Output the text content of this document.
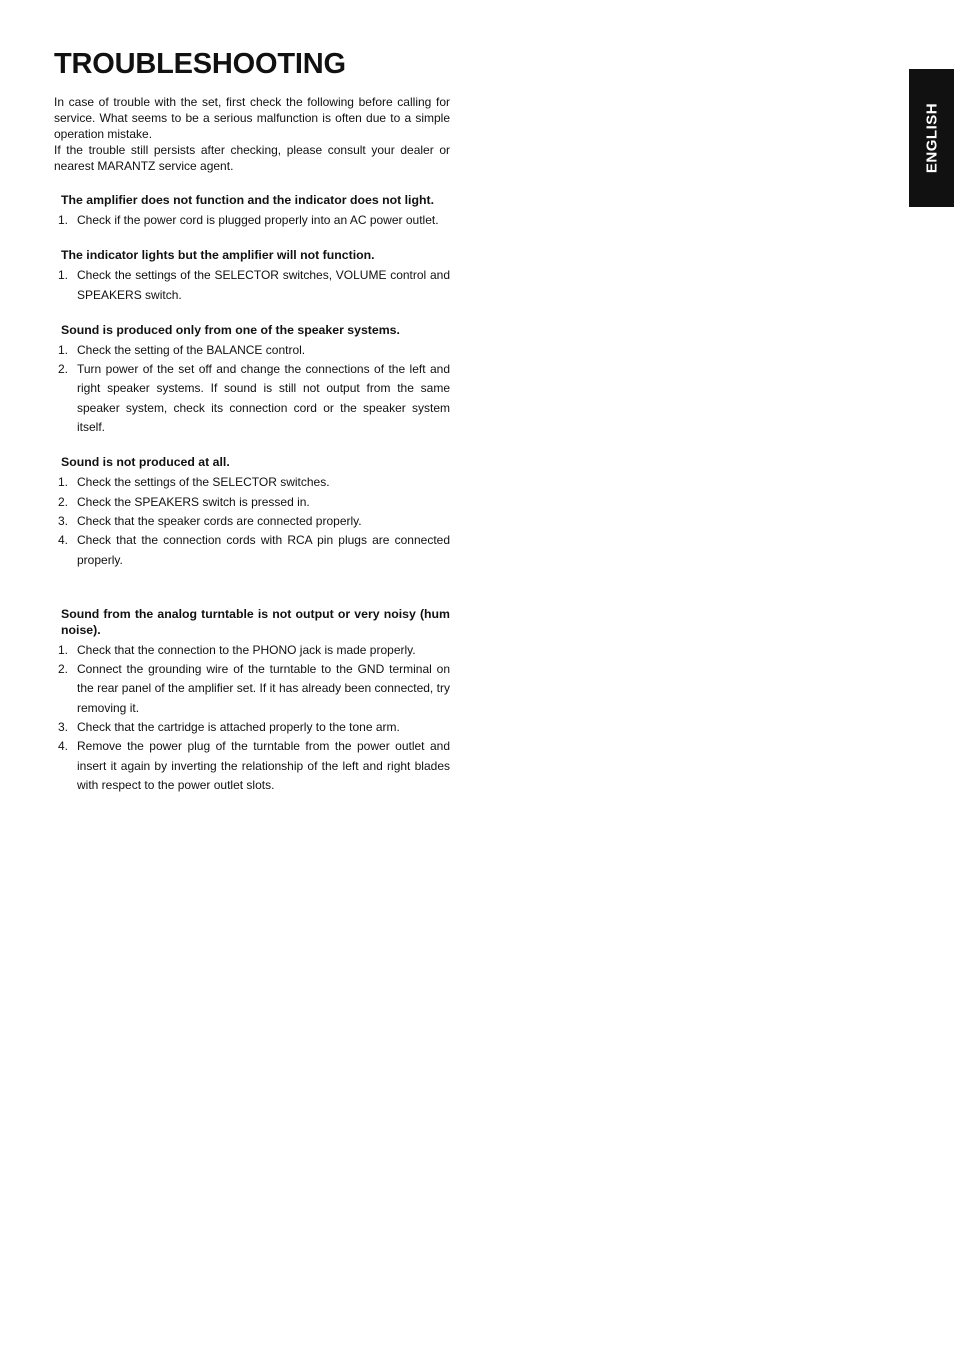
TROUBLESHOOTING

In case of trouble with the set, first check the following before calling for service. What seems to be a serious malfunction is often due to a simple operation mistake.

If the trouble still persists after checking, please consult your dealer or nearest MARANTZ service agent.

The amplifier does not function and the indicator does not light.

1. Check if the power cord is plugged properly into an AC power outlet.

The indicator lights but the amplifier will not function.

1. Check the settings of the SELECTOR switches, VOLUME control and SPEAKERS switch.

Sound is produced only from one of the speaker systems.

1. Check the setting of the BALANCE control.
2. Turn power of the set off and change the connections of the left and right speaker systems. If sound is still not output from the same speaker system, check its connection cord or the speaker system itself.

Sound is not produced at all.

1. Check the settings of the SELECTOR switches.
2. Check the SPEAKERS switch is pressed in.
3. Check that the speaker cords are connected properly.
4. Check that the connection cords with RCA pin plugs are connected properly.

Sound from the analog turntable is not output or very noisy (hum noise).

1. Check that the connection to the PHONO jack is made properly.
2. Connect the grounding wire of the turntable to the GND terminal on the rear panel of the amplifier set. If it has already been connected, try removing it.
3. Check that the cartridge is attached properly to the tone arm.
4. Remove the power plug of the turntable from the power outlet and insert it again by inverting the relationship of the left and right blades with respect to the power outlet slots.
ENGLISH
